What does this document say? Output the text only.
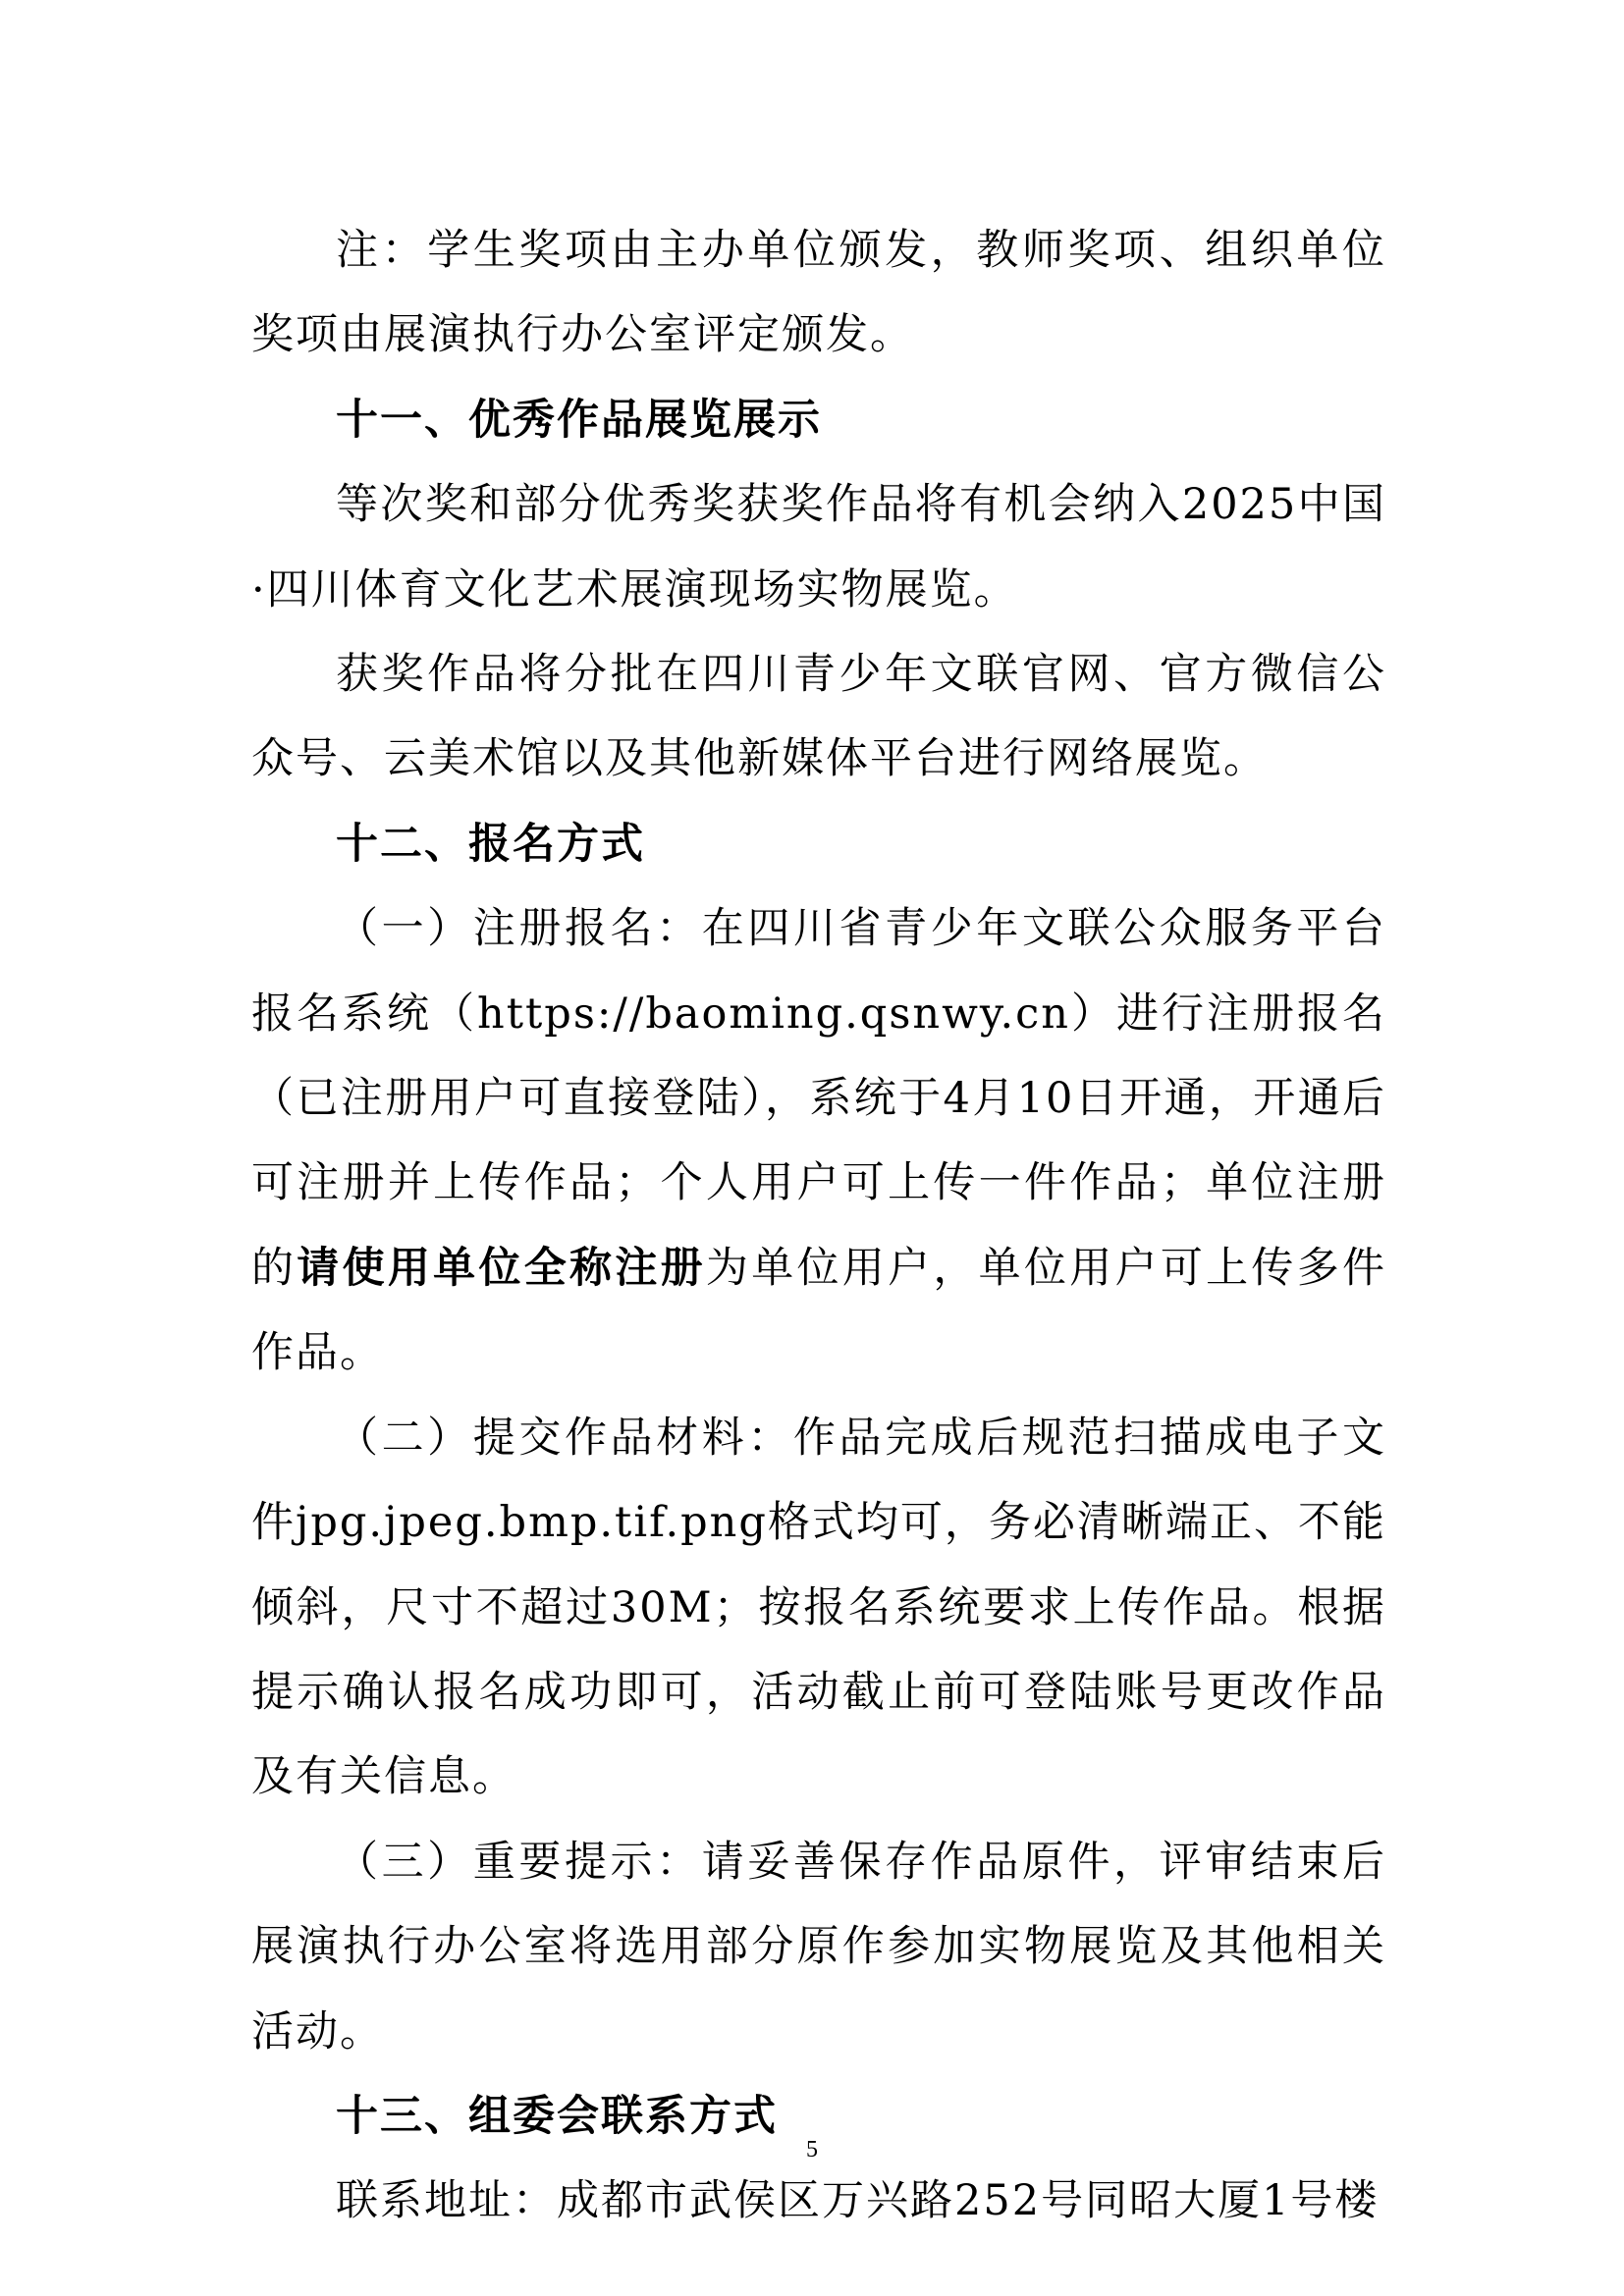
注：学生奖项由主办单位颁发，教师奖项、组织单位奖项由展演执行办公室评定颁发。

十一、优秀作品展览展示

等次奖和部分优秀奖获奖作品将有机会纳入2025中国·四川体育文化艺术展演现场实物展览。

获奖作品将分批在四川青少年文联官网、官方微信公众号、云美术馆以及其他新媒体平台进行网络展览。

十二、报名方式

（一）注册报名：在四川省青少年文联公众服务平台报名系统（https://baoming.qsnwy.cn）进行注册报名（已注册用户可直接登陆），系统于4月10日开通，开通后可注册并上传作品；个人用户可上传一件作品；单位注册的请使用单位全称注册为单位用户，单位用户可上传多件作品。

（二）提交作品材料：作品完成后规范扫描成电子文件jpg.jpeg.bmp.tif.png格式均可，务必清晰端正、不能倾斜，尺寸不超过30M；按报名系统要求上传作品。根据提示确认报名成功即可，活动截止前可登陆账号更改作品及有关信息。

（三）重要提示：请妥善保存作品原件，评审结束后展演执行办公室将选用部分原作参加实物展览及其他相关活动。

十三、组委会联系方式

联系地址：成都市武侯区万兴路252号同昭大厦1号楼

5
